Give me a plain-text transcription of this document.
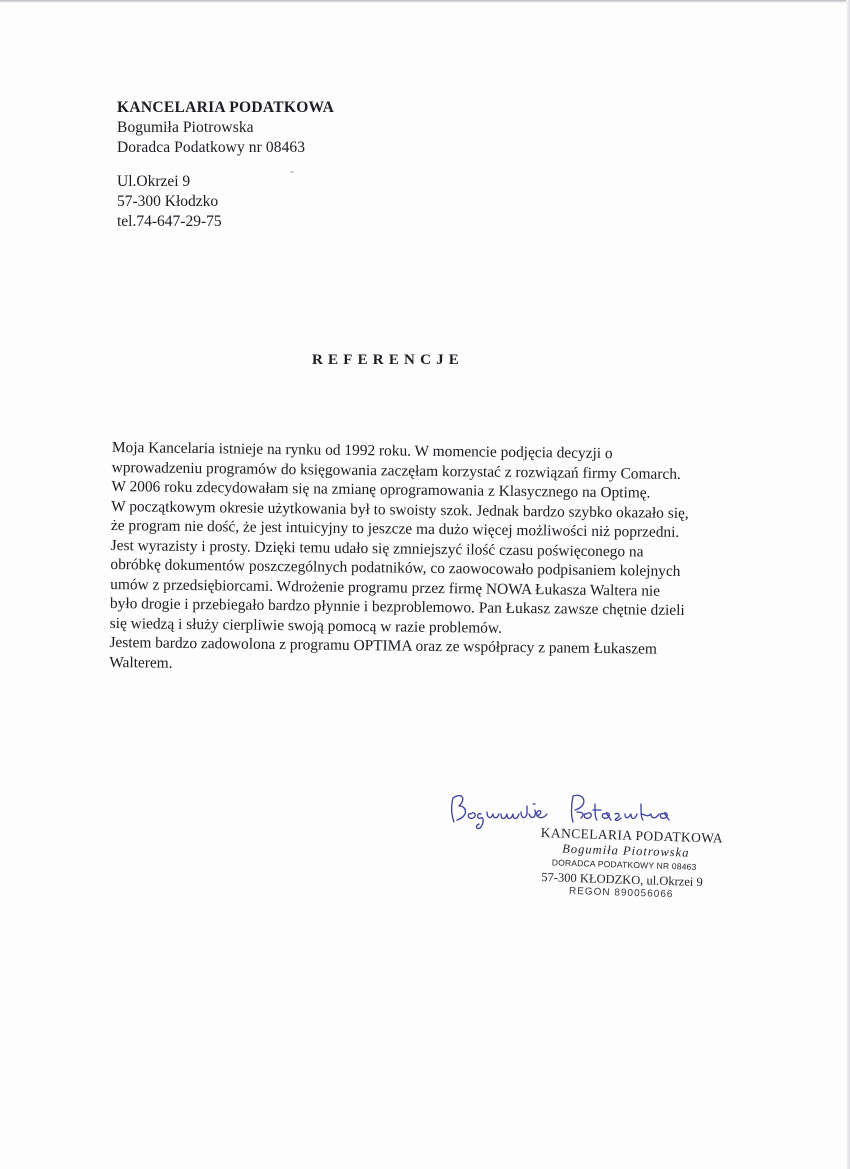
KANCELARIA PODATKOWA
Bogumiła Piotrowska
Doradca Podatkowy nr 08463
Ul.Okrzei 9
57-300 Kłodzko
tel.74-647-29-75
REFERENCJE
Moja Kancelaria istnieje na rynku od 1992 roku. W momencie podjęcia decyzji o
wprowadzeniu programów do księgowania zaczęłam korzystać z rozwiązań firmy Comarch.
W 2006 roku zdecydowałam się na zmianę oprogramowania z Klasycznego na Optimę.
W początkowym okresie użytkowania był to swoisty szok. Jednak bardzo szybko okazało się,
że program nie dość, że jest intuicyjny to jeszcze ma dużo więcej możliwości niż poprzedni.
Jest wyrazisty i prosty. Dzięki temu udało się zmniejszyć ilość czasu poświęconego na
obróbkę dokumentów poszczególnych podatników, co zaowocowało podpisaniem kolejnych
umów z przedsiębiorcami. Wdrożenie programu przez firmę NOWA Łukasza Waltera nie
było drogie i przebiegało bardzo płynnie i bezproblemowo. Pan Łukasz zawsze chętnie dzieli
się wiedzą i służy cierpliwie swoją pomocą w razie problemów.
Jestem bardzo zadowolona z programu OPTIMA oraz ze współpracy z panem Łukaszem
Walterem.
KANCELARIA PODATKOWA
Bogumiła Piotrowska
DORADCA PODATKOWY NR 08463
57-300 KŁODZKO, ul.Okrzei 9
REGON 890056066
